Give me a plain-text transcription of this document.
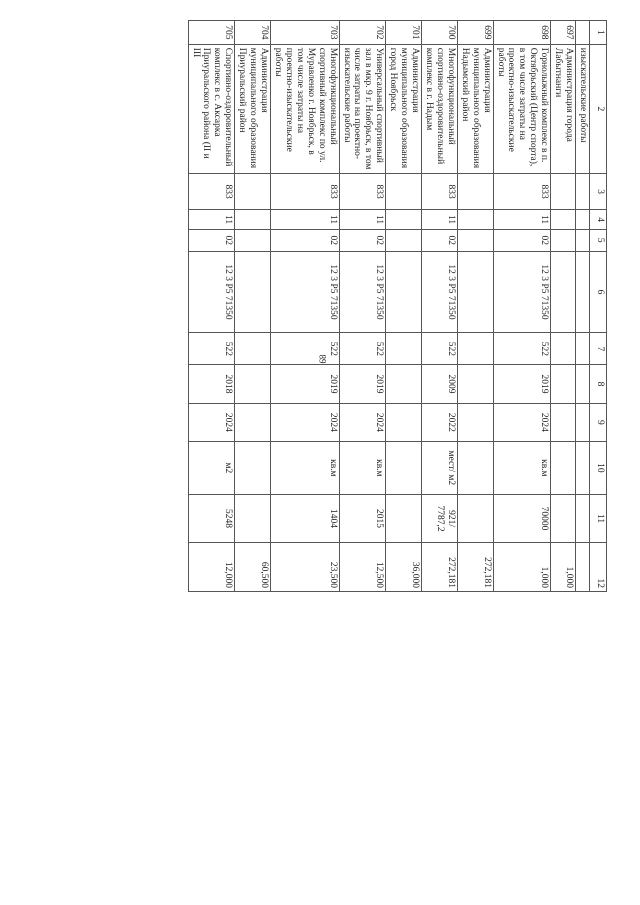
89
1	2	3	4	5	6	7	8	9	10	11	12
	изыскательские работы										
697	Администрация города Лабытнанги										1,000
698	Горнолыжный комплекс в п. Октябрьский (Центр спорта), в том числе затраты на проектно-изыскательские работы	833	11	02	12 3 P5 71350	522	2019	2024	кв.м	70000	1,000
699	Администрация муниципального образования Надымский район										272,181
700	Многофункциональный спортивно-оздоровительный комплекс в г. Надым	833	11	02	12 3 P5 71350	522	2009	2022	мест/ м2	921/ 7787,2	272,181
701	Администрация муниципального образования город Ноябрьск										36,000
702	Универсальный спортивный зал в мкр. 9 г. Ноябрьск, в том числе затраты на проектно-изыскательские работы	833	11	02	12 3 P5 71350	522	2019	2024	кв.м	2015	12,500
703	Многофункциональный спортивный комплекс по ул. Муравленко г. Ноябрьск, в том числе затраты на проектно-изыскательские работы	833	11	02	12 3 P5 71350	522	2019	2024	кв.м	1404	23,500
704	Администрация муниципального образования Приуральский район										60,500
705	Спортивно-оздоровительный комплекс в с. Аксарка Приуральского района (II и III	833	11	02	12 3 P5 71350	522	2018	2024	м2	5248	12,000
